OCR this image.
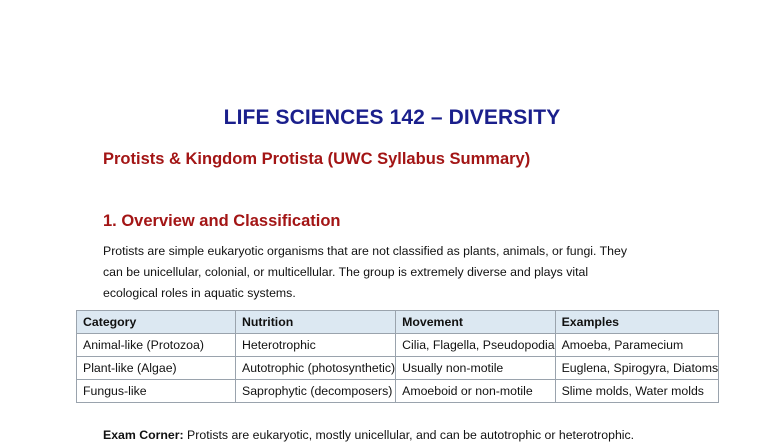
LIFE SCIENCES 142 – DIVERSITY
Protists & Kingdom Protista (UWC Syllabus Summary)
1. Overview and Classification
Protists are simple eukaryotic organisms that are not classified as plants, animals, or fungi. They
can be unicellular, colonial, or multicellular. The group is extremely diverse and plays vital
ecological roles in aquatic systems.
Category	Nutrition	Movement	Examples
Animal-like (Protozoa)	Heterotrophic	Cilia, Flagella, Pseudopodia	Amoeba, Paramecium
Plant-like (Algae)	Autotrophic (photosynthetic)	Usually non-motile	Euglena, Spirogyra, Diatoms
Fungus-like	Saprophytic (decomposers)	Amoeboid or non-motile	Slime molds, Water molds
Exam Corner: Protists are eukaryotic, mostly unicellular, and can be autotrophic or heterotrophic.
